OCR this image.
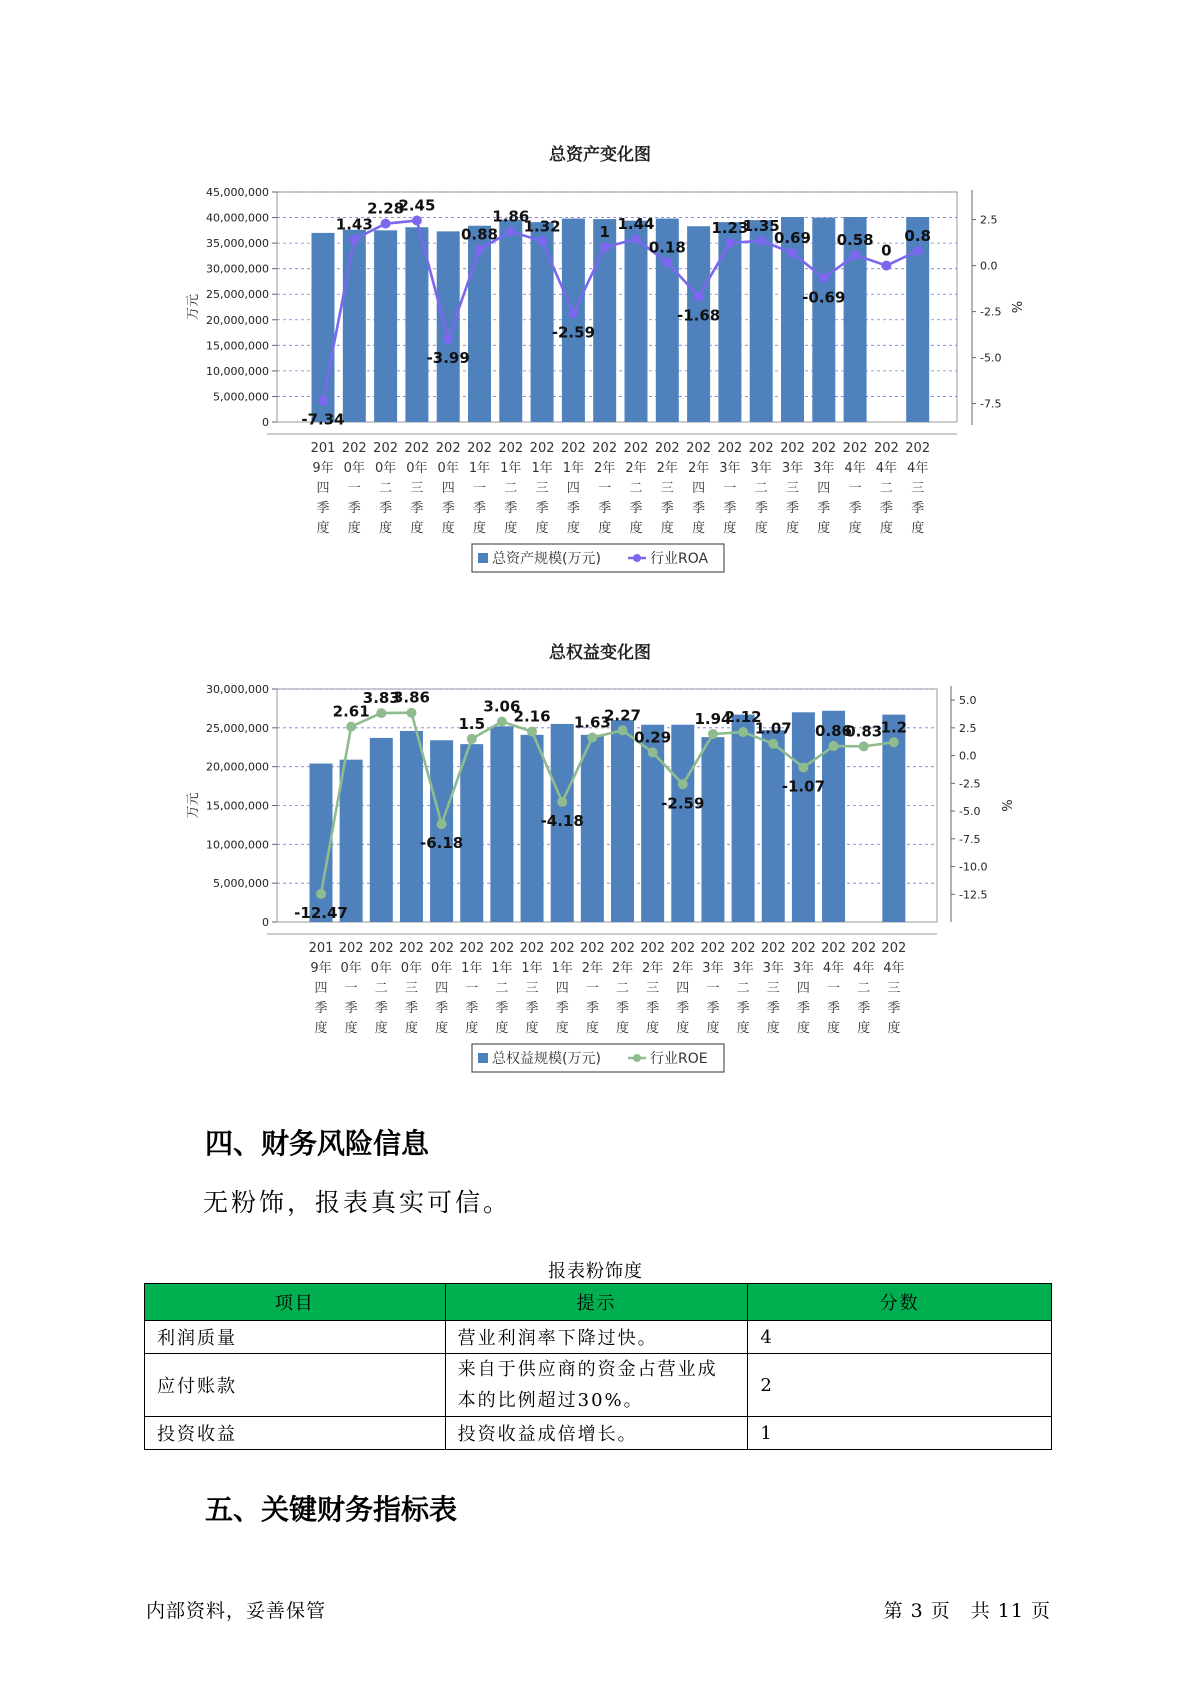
总资产变化图
45,000,000
40,000,000
35,000,000
30,000,000
25,000,000
20,000,000
15,000,000
10,000,000
5,000,000
0
万元
2.5
0.0
-2.5
-5.0
-7.5
%
-7.34
1.43
2.28
2.45
-3.99
0.88
1.86
1.32
-2.59
1 1.44
0.18
-1.68
1.23
1.35
0.69
-0.69
0.58
0
0.8
201
9年
四
季
度
202
0年
一
季
度
202
0年
二
季
度
202
0年
三
季
度
202
0年
四
季
度
202
1年
一
季
度
202
1年
二
季
度
202
1年
三
季
度
202
1年
四
季
度
202
2年
一
季
度
202
2年
二
季
度
202
2年
三
季
度
202
2年
四
季
度
202
3年
一
季
度
202
3年
二
季
度
202
3年
三
季
度
202
3年
四
季
度
202
4年
一
季
度
202
4年
二
季
度
202
4年
三
季
度
总资产规模(万元)	行业ROA
总权益变化图
30,000,000
25,000,000
20,000,000
15,000,000
10,000,000
5,000,000
0
万元
5.0
2.5
0.0
-2.5
-5.0
-7.5
-10.0
-12.5
%
-12.47
2.61
3.83
3.86
-6.18
1.5
3.06
2.16
-4.18
1.63
2.27
0.29
-2.59
1.94
2.12
1.07
-1.07
0.86
0.83
1.2
201
9年
四
季
度
202
0年
一
季
度
202
0年
二
季
度
202
0年
三
季
度
202
0年
四
季
度
202
1年
一
季
度
202
1年
二
季
度
202
1年
三
季
度
202
1年
四
季
度
202
2年
一
季
度
202
2年
二
季
度
202
2年
三
季
度
202
2年
四
季
度
202
3年
一
季
度
202
3年
二
季
度
202
3年
三
季
度
202
3年
四
季
度
202
4年
一
季
度
202
4年
二
季
度
202
4年
三
季
度
总权益规模(万元)	行业ROE
四、财务风险信息

无粉饰，报表真实可信。

报表粉饰度
项目	提示	分数
利润质量	营业利润率下降过快。	4
应付账款	来自于供应商的资金占营业成本的比例超过30%。	2
投资收益	投资收益成倍增长。	1
五、关键财务指标表
内部资料，妥善保管	第 3 页　共 11 页
